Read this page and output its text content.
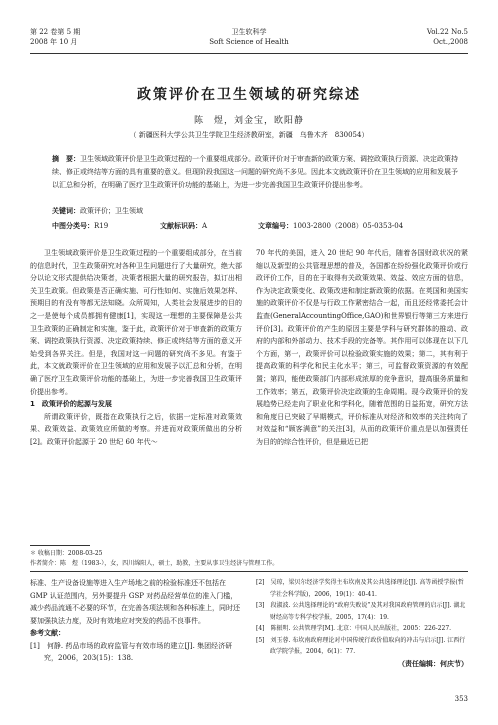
第 22 卷第 5 期
2008 年 10 月
卫生软科学
Soft Science of Health
Vol.22 No.5
Oct.,2008
政策评价在卫生领域的研究综述
陈　煜，刘金宝，欧阳静
（ 新疆医科大学公共卫生学院卫生经济教研室，新疆　乌鲁木齐　830054）
摘　要：卫生领域政策评价是卫生政策过程的一个重要组成部分。政策评价对于审查新的政策方案、调控政策执行资源、决定政策持续、修正或终结等方面的具有重要的意义。但现阶段我国这一问题的研究尚不多见。因此本文就政策评价在卫生领域的应用和发展予以汇总和分析，在明确了医疗卫生政策评价功能的基础上，为进一步完善我国卫生政策评价提出参考。
关键词：政策评价；卫生领域
中图分类号：R19	文献标识码：A	文章编号：1003-2800（2008）05-0353-04

卫生领域政策评价是卫生政策过程的一个重要组成部分，在当前的信息时代，卫生政策研究对各种卫生问题进行了大量研究，绝大部分以论文形式提供给决策者，决策者根据大量的研究报告，拟订出相关卫生政策。但政策是否正确实施、可行性如何、实施后效果怎样、预期目的有没有等都无法知晓。众所周知，人类社会发展进步的目的之一是使每个成员都拥有健康[1]，实现这一理想的主要保障是公共卫生政策的正确制定和实施，鉴于此，政策评价对于审查新的政策方案、调控政策执行资源、决定政策持续、修正或终结等方面的意义开始受到各界关注。但是，我国对这一问题的研究尚不多见。有鉴于此，本文就政策评价在卫生领域的应用和发展予以汇总和分析，在明确了医疗卫生政策评价功能的基础上，为进一步完善我国卫生政策评价提出参考。

1　政策评价的起源与发展

所谓政策评价，既指在政策执行之后，依据一定标准对政策效果、政策效益、政策效应所做的考察。并进而对政策所做出的分析[2]。政策评价起源于 20 世纪 60 年代～

70 年代的美国，进入 20 世纪 90 年代后，随着各国财政状况的紧缩以及新型的公共管理思想的普及，各国都在纷纷强化政策评价或行政评价工作，目的在于取得有关政策效果、效益、效应方面的信息，作为决定政策变化、政策改进和制定新政策的依据。在英国和美国实施的政策评价不仅是与行政工作紧密结合一起，而且还经常委托会计监查(GeneralAccountingOffice,GAO)和世界银行等第三方来进行评价[3]。政策评价的产生的原因主要是学科与研究群体的推动、政府的内部和外部动力、技术手段的完备等。其作用可以体现在以下几个方面，第一，政策评价可以检验政策实施的效果；第二，其有利于提高政策的科学化和民主化水平；第三，可监督政策资源的有效配置；第四，能使政策部门内部形成浓厚的竞争意识，提高服务质量和工作效率；第五，政策评价决定政策的生命周期。现今政策评价的发展趋势已经走向了职业化和学科化，随着范围的日益拓宽，研究方法和角度日已突破了早期模式，评价标准从对经济和效率的关注转向了对效益和“顾客满意”的关注[3]，从而的政策评价重点是以加强责任为目的的综合性评价，但是最近已把

＊ 收稿日期：2008-03-25
作者简介：陈　煜（1983-），女，四川绵阳人，硕士，助教，主要从事卫生经济与管理工作。

标准、生产设备设施等进入生产场地之前的检验标准还不包括在 GMP 认证范围内，另外要提升 GSP 对药品经营单位的准入门槛，减少药品流通不必要的环节，在完善各项法规和各种标准上，同时还要加强执法力度，及时有效地应对突发的药品不良事件。

参考文献：

[1]　何静. 药品市场的政府监管与有效市场的建立[J]. 集团经济研究，2006，203(15)：138.

[2]　吴琼，梁贝尔经济学奖得主布坎南及其公共选择理论[J]. 高等函授学报(哲学社会科学版)，2006，19(1)：40-41.

[3]　段淑波. 公共选择理论的“政府失败说”及其对我国政府管理的启示[J]. 湖北财经高等专科学校学报，2005，17(4)：19.

[4]　陈振明. 公共管理学[M]. 北京：中国人民出版社，2005：226-227.

[5]　刘玉蓉. 布坎南政府理论对中国传统行政价值取向的冲击与启示[J]. 江西行政学院学报，2004，6(1)：77.

（责任编辑：何庆节）
353
